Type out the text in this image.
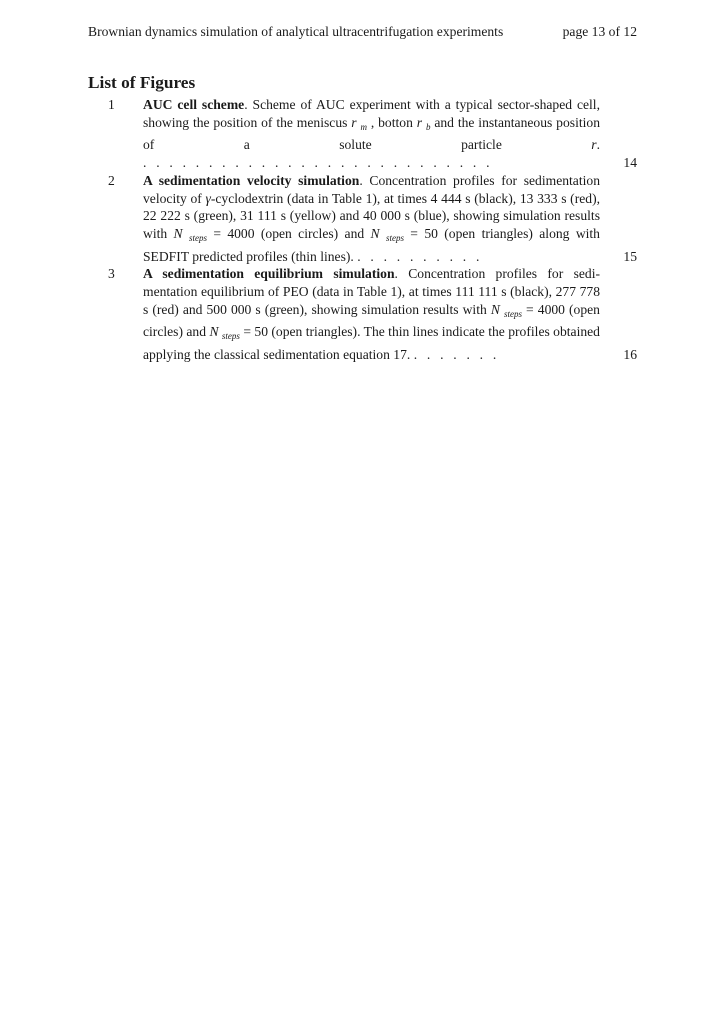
Brownian dynamics simulation of analytical ultracentrifugation experiments	page 13 of 12
List of Figures
1 AUC cell scheme. Scheme of AUC experiment with a typical sector-shaped cell, showing the position of the meniscus r $_m$ , botton r $_b$ and the instantaneous position of a solute particle r. . . . . . . . . . . . . . . . . . . . . . . . . . . .	14
2 A sedimentation velocity simulation. Concentration profiles for sedimentation velocity of γ-cyclodextrin (data in Table 1), at times 4 444 s (black), 13 333 s (red), 22 222 s (green), 31 111 s (yellow) and 40 000 s (blue), showing simulation results with N $_{steps}$ = 4000 (open circles) and N $_{steps}$ = 50 (open triangles) along with SEDFIT predicted profiles (thin lines). . . . . . . . . . .	15
3 A sedimentation equilibrium simulation. Concentration profiles for sedimentation equilibrium of PEO (data in Table 1), at times 111 111 s (black), 277 778 s (red) and 500 000 s (green), showing simulation results with N $_{steps}$ = 4000 (open circles) and N $_{steps}$ = 50 (open triangles). The thin lines indicate the profiles obtained applying the classical sedimentation equation 17. . . . . . . .	16
